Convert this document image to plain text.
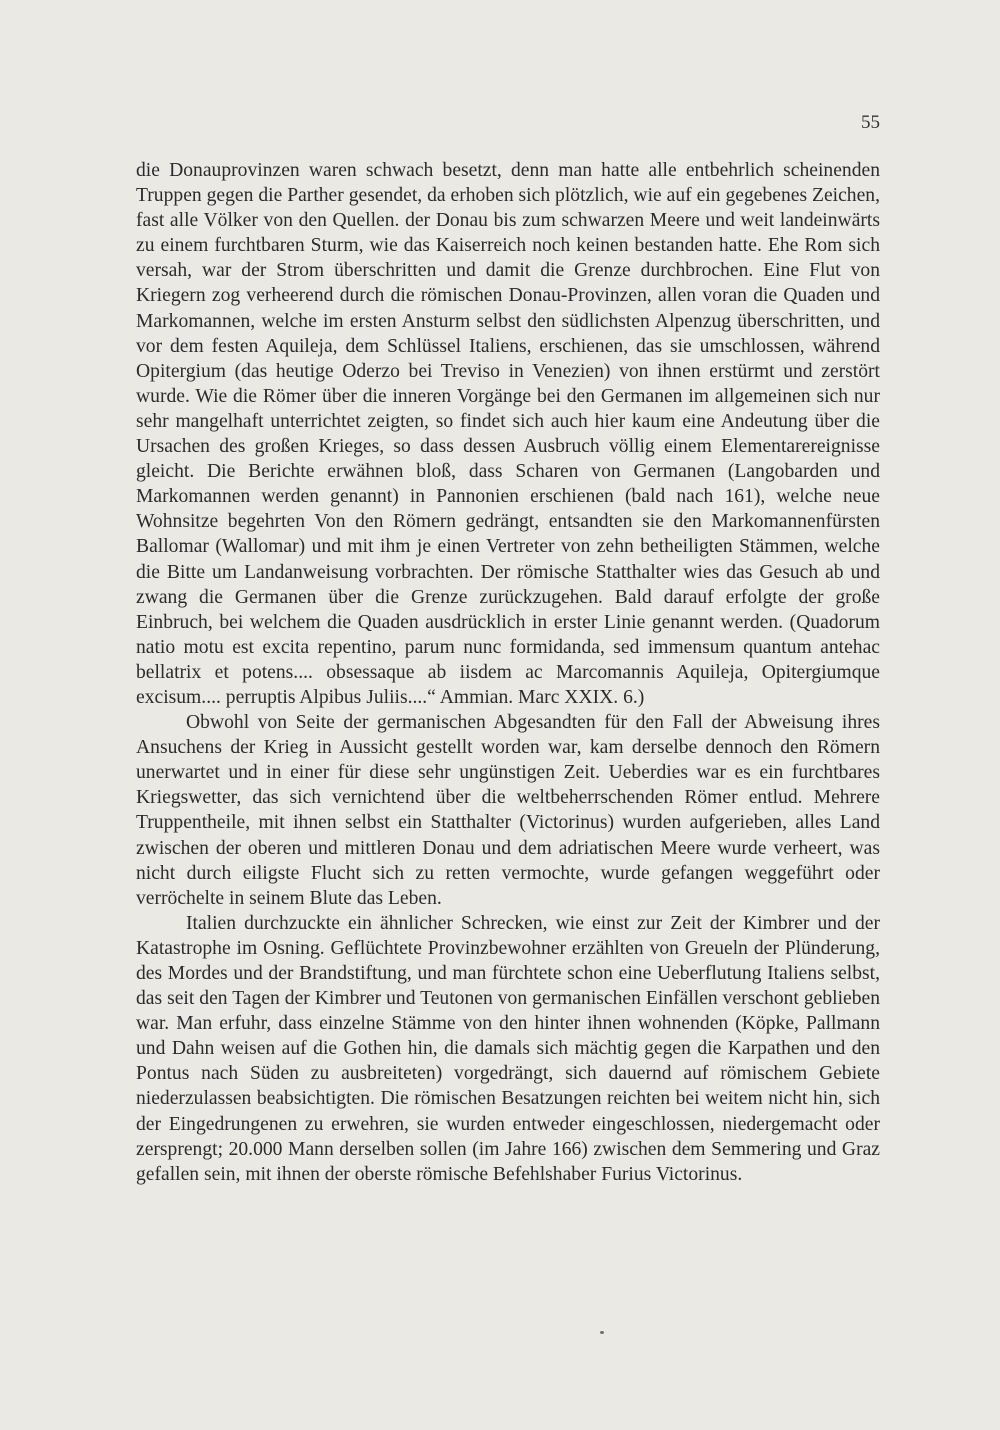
55

die Donauprovinzen waren schwach besetzt, denn man hatte alle entbehrlich scheinenden Truppen gegen die Parther gesendet, da erhoben sich plötzlich, wie auf ein gegebenes Zeichen, fast alle Völker von den Quellen. der Donau bis zum schwarzen Meere und weit landeinwärts zu einem furchtbaren Sturm, wie das Kaiserreich noch keinen bestanden hatte. Ehe Rom sich versah, war der Strom überschritten und damit die Grenze durchbrochen. Eine Flut von Kriegern zog verheerend durch die römischen Donau-Provinzen, allen voran die Quaden und Markomannen, welche im ersten Ansturm selbst den südlichsten Alpenzug überschritten, und vor dem festen Aquileja, dem Schlüssel Italiens, erschienen, das sie umschlossen, während Opitergium (das heutige Oderzo bei Treviso in Venezien) von ihnen erstürmt und zerstört wurde. Wie die Römer über die inneren Vorgänge bei den Germanen im allgemeinen sich nur sehr mangelhaft unterrichtet zeigten, so findet sich auch hier kaum eine Andeutung über die Ursachen des großen Krieges, so dass dessen Ausbruch völlig einem Elementarereignisse gleicht. Die Berichte erwähnen bloß, dass Scharen von Germanen (Langobarden und Markomannen werden genannt) in Pannonien erschienen (bald nach 161), welche neue Wohnsitze begehrten Von den Römern gedrängt, entsandten sie den Markomannenfürsten Ballomar (Wallomar) und mit ihm je einen Vertreter von zehn betheiligten Stämmen, welche die Bitte um Landanweisung vorbrachten. Der römische Statthalter wies das Gesuch ab und zwang die Germanen über die Grenze zurückzugehen. Bald darauf erfolgte der große Einbruch, bei welchem die Quaden ausdrücklich in erster Linie genannt werden. (Quadorum natio motu est excita repentino, parum nunc formidanda, sed immensum quantum antehac bellatrix et potens.... obsessaque ab iisdem ac Marcomannis Aquileja, Opitergiumque excisum.... perruptis Alpibus Juliis....“ Ammian. Marc XXIX. 6.)

Obwohl von Seite der germanischen Abgesandten für den Fall der Abweisung ihres Ansuchens der Krieg in Aussicht gestellt worden war, kam derselbe dennoch den Römern unerwartet und in einer für diese sehr ungünstigen Zeit. Ueberdies war es ein furchtbares Kriegswetter, das sich vernichtend über die weltbeherrschenden Römer entlud. Mehrere Truppentheile, mit ihnen selbst ein Statthalter (Victorinus) wurden aufgerieben, alles Land zwischen der oberen und mittleren Donau und dem adriatischen Meere wurde verheert, was nicht durch eiligste Flucht sich zu retten vermochte, wurde gefangen weggeführt oder verröchelte in seinem Blute das Leben.

Italien durchzuckte ein ähnlicher Schrecken, wie einst zur Zeit der Kimbrer und der Katastrophe im Osning. Geflüchtete Provinzbewohner erzählten von Greueln der Plünderung, des Mordes und der Brandstiftung, und man fürchtete schon eine Ueberflutung Italiens selbst, das seit den Tagen der Kimbrer und Teutonen von germanischen Einfällen verschont geblieben war. Man erfuhr, dass einzelne Stämme von den hinter ihnen wohnenden (Köpke, Pallmann und Dahn weisen auf die Gothen hin, die damals sich mächtig gegen die Karpathen und den Pontus nach Süden zu ausbreiteten) vorgedrängt, sich dauernd auf römischem Gebiete niederzulassen beabsichtigten. Die römischen Besatzungen reichten bei weitem nicht hin, sich der Eingedrungenen zu erwehren, sie wurden entweder eingeschlossen, niedergemacht oder zersprengt; 20.000 Mann derselben sollen (im Jahre 166) zwischen dem Semmering und Graz gefallen sein, mit ihnen der oberste römische Befehlshaber Furius Victorinus.
